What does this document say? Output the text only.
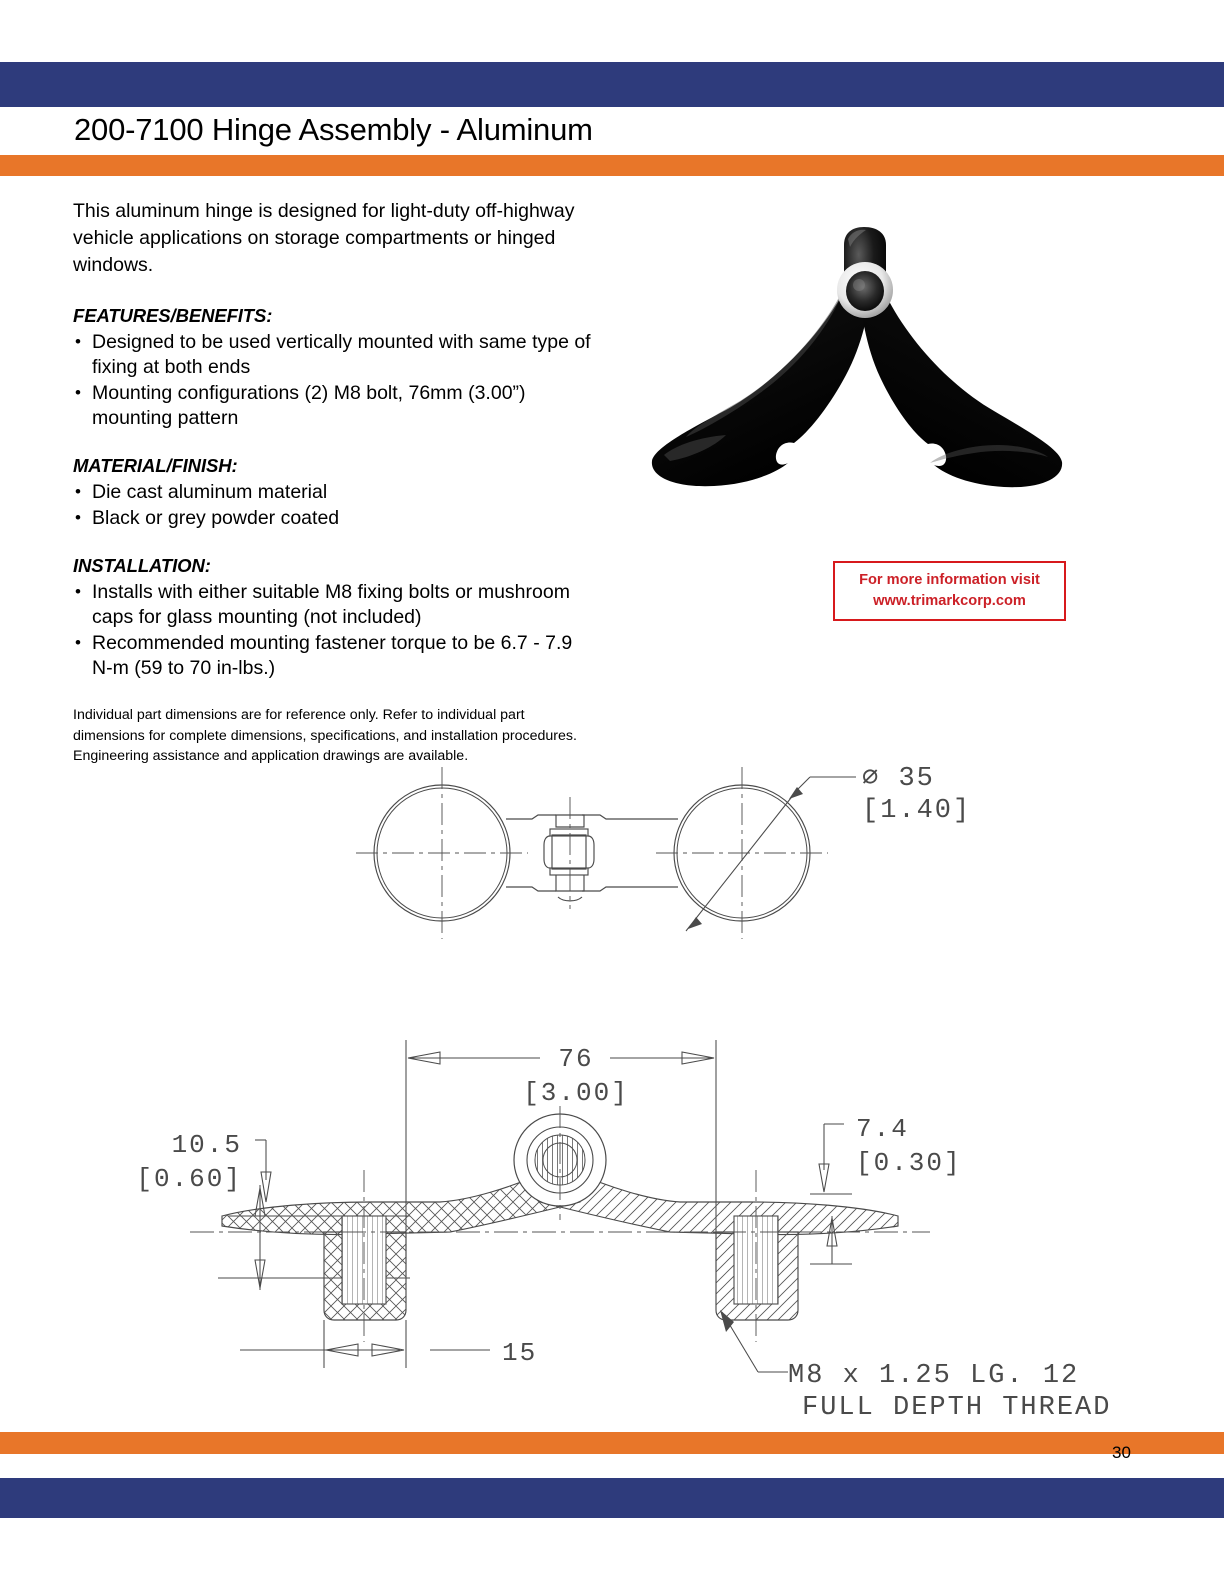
200-7100 Hinge Assembly - Aluminum

This aluminum hinge is designed for light-duty off-highway vehicle applications on storage compartments or hinged windows.

FEATURES/BENEFITS:
• Designed to be used vertically mounted with same type of fixing at both ends
• Mounting configurations (2) M8 bolt, 76mm (3.00”) mounting pattern
MATERIAL/FINISH:
• Die cast aluminum material
• Black or grey powder coated
INSTALLATION:
• Installs with either suitable M8 fixing bolts or mushroom caps for glass mounting (not included)
• Recommended mounting fastener torque to be 6.7 - 7.9 N-m (59 to 70 in-lbs.)

Individual part dimensions are for reference only. Refer to individual part dimensions for complete dimensions, specifications, and installation procedures. Engineering assistance and application drawings are available.

For more information visit
www.trimarkcorp.com
⌀ 35
[1.40]
76
[3.00]
10.5
[0.60]
7.4
[0.30]
15
M8 x 1.25 LG. 12
FULL DEPTH THREAD
30
